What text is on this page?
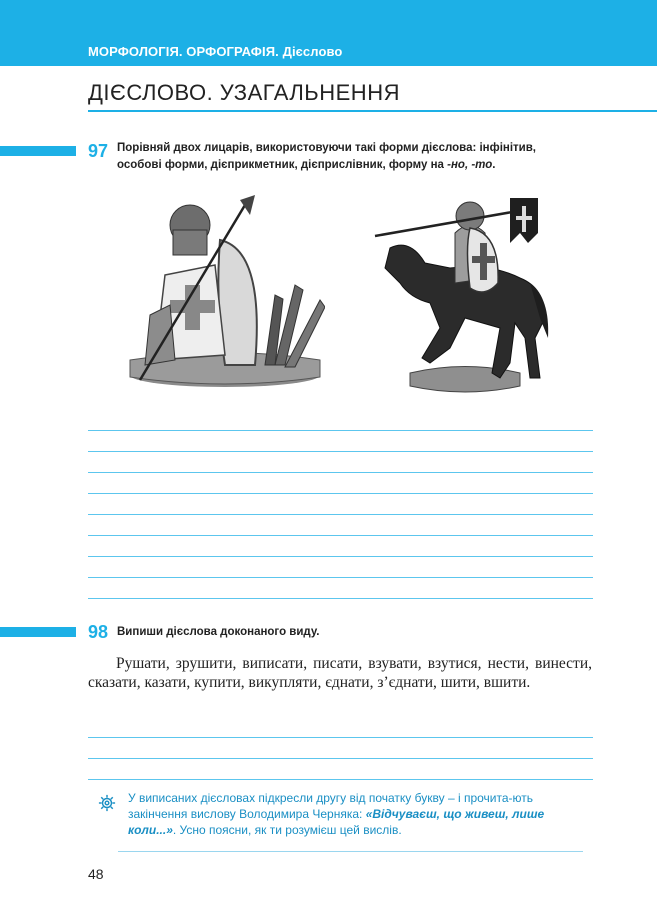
МОРФОЛОГІЯ. ОРФОГРАФІЯ. Дієслово
ДІЄСЛОВО. УЗАГАЛЬНЕННЯ
97 Порівняй двох лицарів, використовуючи такі форми дієслова: інфінітив,
особові форми, дієприкметник, дієприслівник, форму на -но, -то.
98 Випиши дієслова доконаного виду.
Рушати, зрушити, виписати, писати, взувати, взутися, нести, винести, сказати, казати, купити, викупляти, єднати, з’єднати, шити, вшити.
У виписаних дієсловах підкресли другу від початку букву – і прочита-ють закінчення вислову Володимира Черняка: «Відчуваєш, що живеш, лише коли...». Усно поясни, як ти розумієш цей вислів.
48
